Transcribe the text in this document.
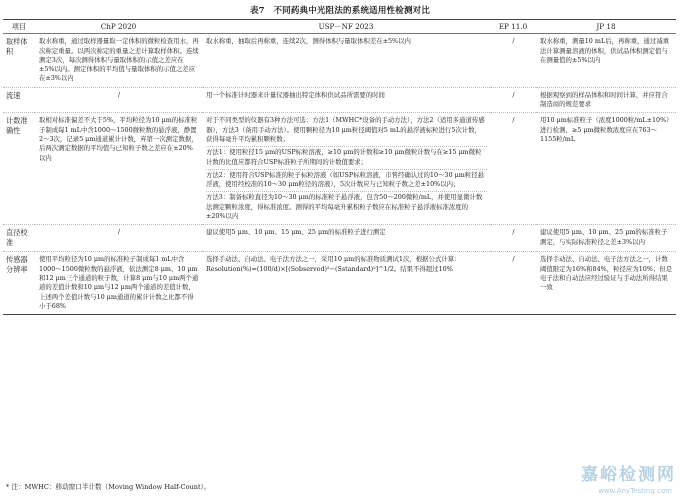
表7　不同药典中光阻法的系统适用性检测对比
项目	ChP 2020	USP－NF 2023	EP 11.0	JP 18
取样体积	取水称重，通过取样器量取一定体积的微粒检查用水，再次称定重量。以两次称定的重量之差计算取样体积。连续测定3次，每次测得体积与量取体积的示值之差应在±5%以内。测定体积的平均值与量取体积的示值之差应在±3%以内	取水称重，抽取后再称重，连续2次，测得体积与量取体积差在±5%以内	/	取水称重，测量10 mL后，再称重，通过减重法计算测量溶液的体积，供试品体积测定值与在测量值的±5%以内
流速	/	用一个标准计时器来计量仪器抽出特定体积供试品所需要的时间	/	根据观察到的样品体积和时间计算，并应符合制造商的规范要求
计数准确性	取相对标准偏差不大于5%，平均粒径为10 μm的标准粒子制成每1 mL中含1000～1500微粒数的悬浮液，静置2～3次，记录5 μm通道累计计数，弃第一次测定数据，后两次测定数据的平均值与已知粒子数之差应在±20%以内	对于不同类型的仪器有3种方法可选：方法1（MWHC*设备的手动方法），方法2（适用多通道传感器），方法3（备用手动方法）。使用颗粒径为10 μm粒径阈值对5 mL的悬浮液标粒进行5次计数，获得每毫升平均累积颗粒数；
方法1：使用粒径15 μm的USP标粒溶液，≥10 μm的计数和≥10 μm微粒计数与在≥15 μm微粒计数的比值应都符合USP标准粒子所期间的计数值要求；
方法2：使用符合USP标准的粒子标粒溶液（如USP标粒溶液，市售经确认过的10～30 μm粒径悬浮液，使用经校准的10～30 μm粒径的溶液），5次计数应与已知粒子数之差±10%以内；
方法3：制备标粒直径为10～30 μm的标准粒子悬浮液，包含50～200微粒/mL，并使用显微计数法测定颗粒浓度，得标准浓度。测得的平均每毫升累积粒子数应在标准粒子悬浮液标准浓度的±20%以内	/	用10 μm标准粒子（浓度1000粒/mL±10%）进行检测，≥5 μm微粒数浓度应在763～1155粒/mL
直径校准	/	建议使用5 μm、10 μm、15 μm、25 μm的标准粒子进行测定	/	建议使用5 μm、10 μm、25 μm的标准粒子测定，与实际标准粒径之差±3%以内
传感器分辨率	使用平均粒径为10 μm的标准粒子制成每1 mL中含1000～1500微粒数的悬浮液，依法测定8 μm、10 μm和12 μm三个通道的粒子数，计算8 μm与10 μm两个通道的差值计数和10 μm与12 μm两个通道的差值计数，上述两个差值计数与10 μm通道的累计计数之比都不得小于68%	选择手动法、自动法、电子法方法之一，采用10 μm的标准物质测试1次，根据公式计算：Resolution(%)=(100/d)×[(Sobserved)²−(Sstandard)²]^1/2。结果不得超过10%	/	选择手动法、自动法、电子法方法之一，计数阈值限定为16%和84%，粒径应为10%；但是电子法和自动法应经过验证与手动法所得结果一致
* 注：MWHC：移动窗口半计数（Moving Window Half-Count）。
嘉峪检测网
www.AnyTesting.com
